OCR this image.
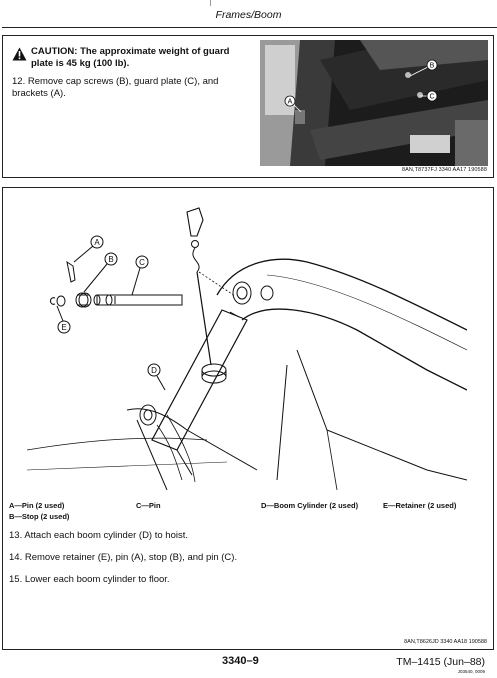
Frames/Boom
CAUTION: The approximate weight of guard plate is 45 kg (100 lb).
12. Remove cap screws (B), guard plate (C), and brackets (A).
A
B
C
8AN,T8737FJ 3340 AA17 190588
A
B	C
D
E
A—Pin (2 used)
B—Stop (2 used)
C—Pin	D—Boom Cylinder (2 used)	E—Retainer (2 used)

13. Attach each boom cylinder (D) to hoist.

14. Remove retainer (E), pin (A), stop (B), and pin (C).

15. Lower each boom cylinder to floor.

8AN,T8626JD 3340 AA18 190588
3340–9	TM–1415 (Jun–88)
J03540, 0009
